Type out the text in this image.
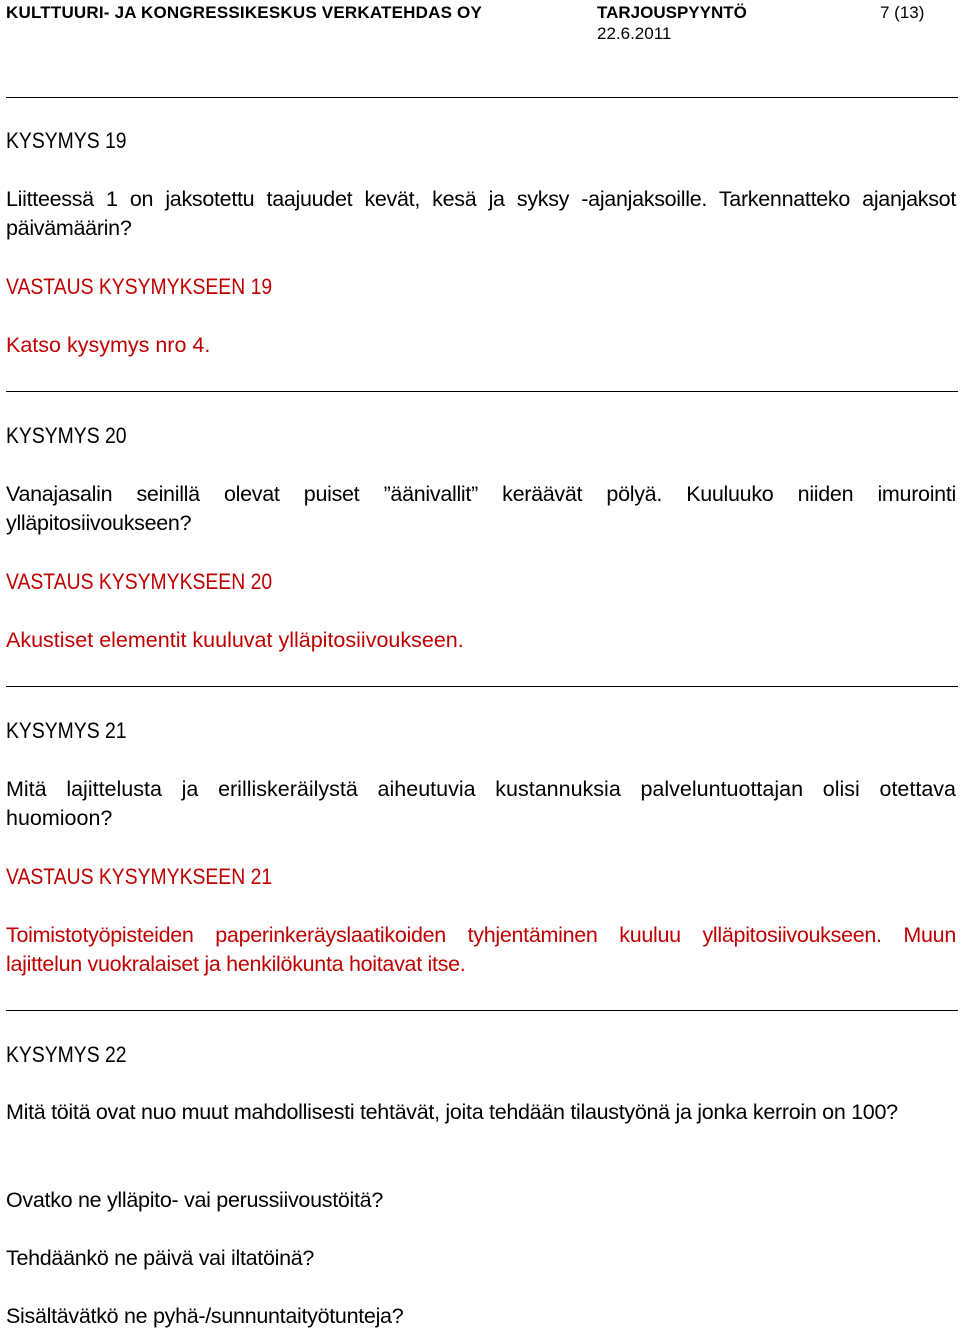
KULTTUURI- JA KONGRESSIKESKUS VERKATEHDAS OY	TARJOUSPYYNTÖ
22.6.2011
7 (13)
KYSYMYS 19

Liitteessä 1 on jaksotettu taajuudet kevät, kesä ja syksy -ajanjaksoille. Tarkennatteko ajanjaksot päivämäärin?

VASTAUS KYSYMYKSEEN 19

Katso kysymys nro 4.

KYSYMYS 20

Vanajasalin seinillä olevat puiset ”äänivallit” keräävät pölyä. Kuuluuko niiden imurointi ylläpitosiivoukseen?

VASTAUS KYSYMYKSEEN 20

Akustiset elementit kuuluvat ylläpitosiivoukseen.

KYSYMYS 21

Mitä lajittelusta ja erilliskeräilystä aiheutuvia kustannuksia palveluntuottajan olisi otettava huomioon?

VASTAUS KYSYMYKSEEN 21

Toimistotyöpisteiden paperinkeräyslaatikoiden tyhjentäminen kuuluu ylläpitosiivoukseen. Muun lajittelun vuokralaiset ja henkilökunta hoitavat itse.

KYSYMYS 22

Mitä töitä ovat nuo muut mahdollisesti tehtävät, joita tehdään tilaustyönä ja jonka kerroin on 100?

Ovatko ne ylläpito- vai perussiivoustöitä?

Tehdäänkö ne päivä vai iltatöinä?

Sisältävätkö ne pyhä-/sunnuntaityötunteja?
